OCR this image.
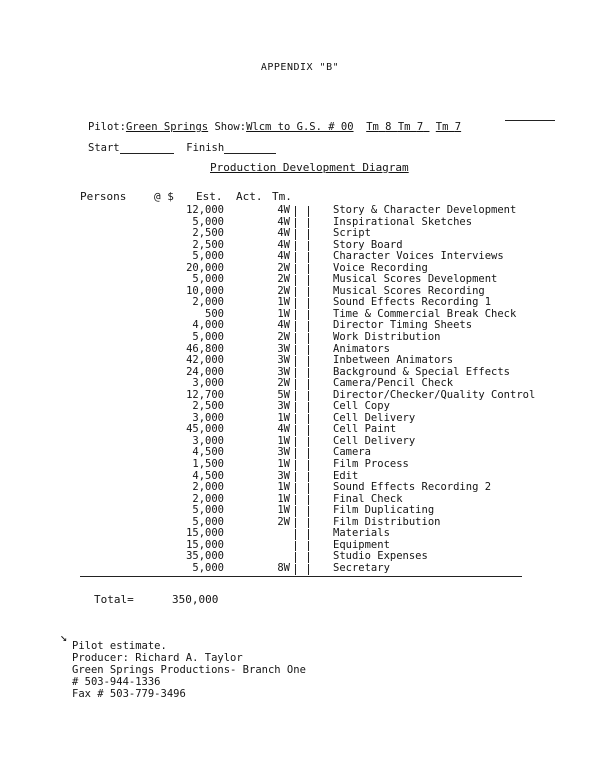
APPENDIX "B"
Pilot:Green Springs Show:Wlcm to G.S. # 00 Tm 8 Tm 7 Tm 7
Start	Finish
Production Development Diagram
Persons	@ $ Est. Act. Tm.
12,000	4W	Story & Character Development
5,000	4W	Inspirational Sketches
2,500	4W	Script
2,500	4W	Story Board
5,000	4W	Character Voices Interviews
20,000	2W	Voice Recording
5,000	2W	Musical Scores Development
10,000	2W	Musical Scores Recording
2,000	1W	Sound Effects Recording 1
500	1W	Time & Commercial Break Check
4,000	4W	Director Timing Sheets
5,000	2W	Work Distribution
46,800	3W	Animators
42,000	3W	Inbetween Animators
24,000	3W	Background & Special Effects
3,000	2W	Camera/Pencil Check
12,700	5W	Director/Checker/Quality Control
2,500	3W	Cell Copy
3,000	1W	Cell Delivery
45,000	4W	Cell Paint
3,000	1W	Cell Delivery
4,500	3W	Camera
1,500	1W	Film Process
4,500	3W	Edit
2,000	1W	Sound Effects Recording 2
2,000	1W	Final Check
5,000	1W	Film Duplicating
5,000	2W	Film Distribution
15,000	Materials
15,000	Equipment
35,000	Studio Expenses
5,000	8W	Secretary
Total=	350,000
↘
Pilot estimate.
Producer: Richard A. Taylor
Green Springs Productions- Branch One
# 503-944-1336
Fax # 503-779-3496
